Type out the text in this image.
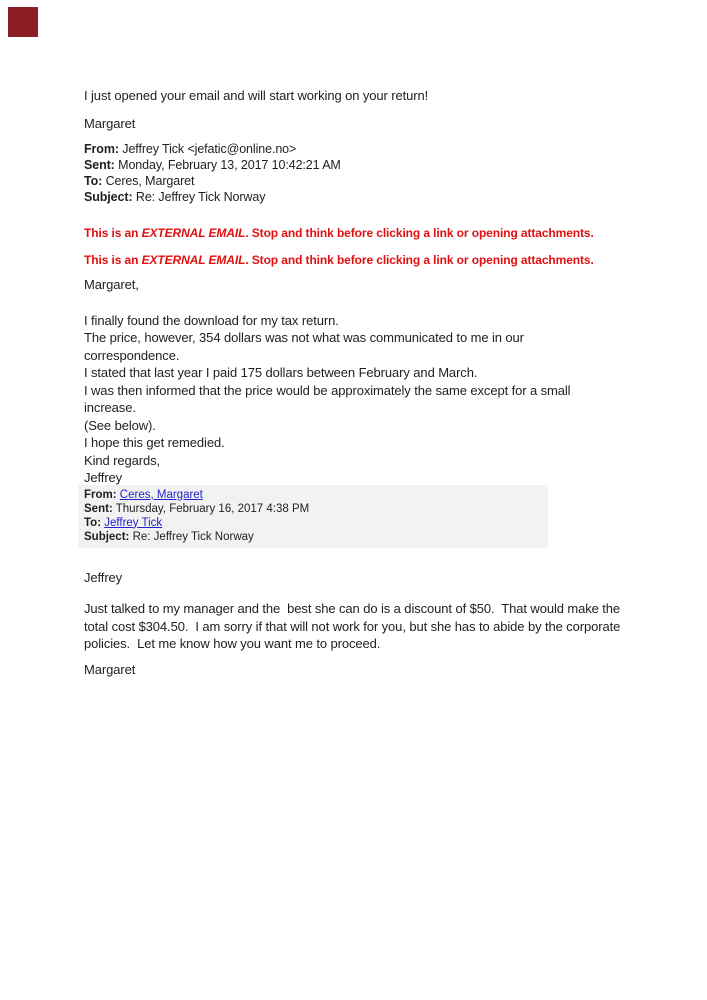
I just opened your email and will start working on your return!
Margaret
From: Jeffrey Tick <jefatic@online.no>
Sent: Monday, February 13, 2017 10:42:21 AM
To: Ceres, Margaret
Subject: Re: Jeffrey Tick Norway
This is an EXTERNAL EMAIL. Stop and think before clicking a link or opening attachments.
This is an EXTERNAL EMAIL. Stop and think before clicking a link or opening attachments.
Margaret,
I finally found the download for my tax return.
The price, however, 354 dollars was not what was communicated to me in our correspondence.
I stated that last year I paid 175 dollars between February and March.
I was then informed that the price would be approximately the same except for a small increase.
(See below).
I hope this get remedied.
Kind regards,
Jeffrey
From: Ceres, Margaret
Sent: Thursday, February 16, 2017 4:38 PM
To: Jeffrey Tick
Subject: Re: Jeffrey Tick Norway
Jeffrey
Just talked to my manager and the  best she can do is a discount of $50.  That would make the total cost $304.50.  I am sorry if that will not work for you, but she has to abide by the corporate policies.  Let me know how you want me to proceed.
Margaret
